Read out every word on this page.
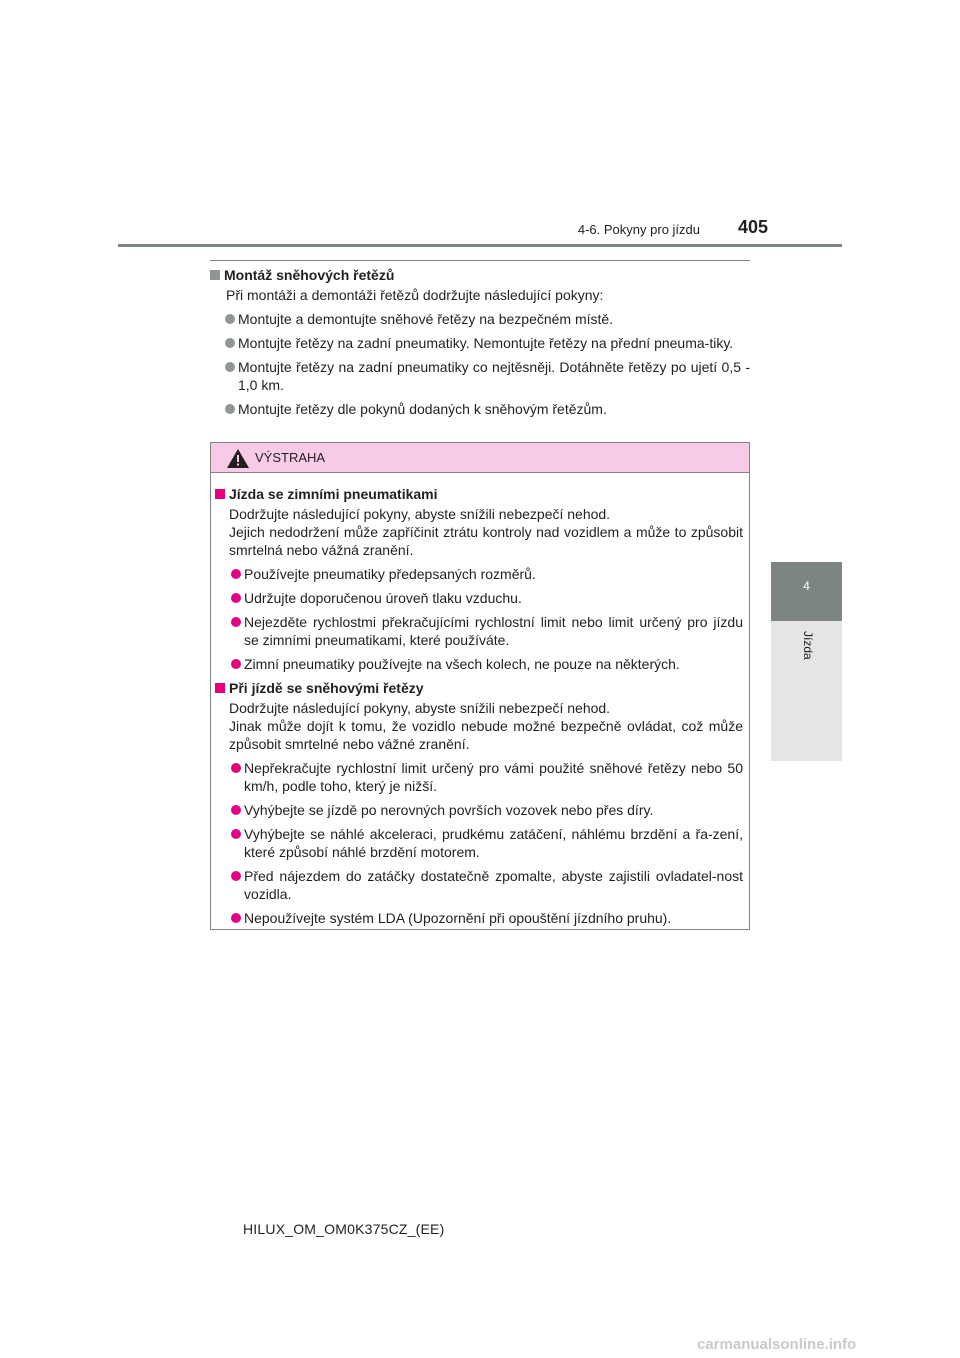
4-6. Pokyny pro jízdu 405
4
Jízda
Montáž sněhových řetězů
Při montáži a demontáži řetězů dodržujte následující pokyny:
Montujte a demontujte sněhové řetězy na bezpečném místě.
Montujte řetězy na zadní pneumatiky. Nemontujte řetězy na přední pneuma-tiky.
Montujte řetězy na zadní pneumatiky co nejtěsněji. Dotáhněte řetězy po ujetí 0,5 - 1,0 km.
Montujte řetězy dle pokynů dodaných k sněhovým řetězům.
VÝSTRAHA
Jízda se zimními pneumatikami
Dodržujte následující pokyny, abyste snížili nebezpečí nehod.
Jejich nedodržení může zapříčinit ztrátu kontroly nad vozidlem a může to způsobit smrtelná nebo vážná zranění.
Používejte pneumatiky předepsaných rozměrů.
Udržujte doporučenou úroveň tlaku vzduchu.
Nejezděte rychlostmi překračujícími rychlostní limit nebo limit určený pro jízdu se zimními pneumatikami, které používáte.
Zimní pneumatiky používejte na všech kolech, ne pouze na některých.
Při jízdě se sněhovými řetězy
Dodržujte následující pokyny, abyste snížili nebezpečí nehod.
Jinak může dojít k tomu, že vozidlo nebude možné bezpečně ovládat, což může způsobit smrtelné nebo vážné zranění.
Nepřekračujte rychlostní limit určený pro vámi použité sněhové řetězy nebo 50 km/h, podle toho, který je nižší.
Vyhýbejte se jízdě po nerovných površích vozovek nebo přes díry.
Vyhýbejte se náhlé akceleraci, prudkému zatáčení, náhlému brzdění a řa-zení, které způsobí náhlé brzdění motorem.
Před nájezdem do zatáčky dostatečně zpomalte, abyste zajistili ovladatel-nost vozidla.
Nepoužívejte systém LDA (Upozornění při opouštění jízdního pruhu).
HILUX_OM_OM0K375CZ_(EE)
carmanualsonline.info
